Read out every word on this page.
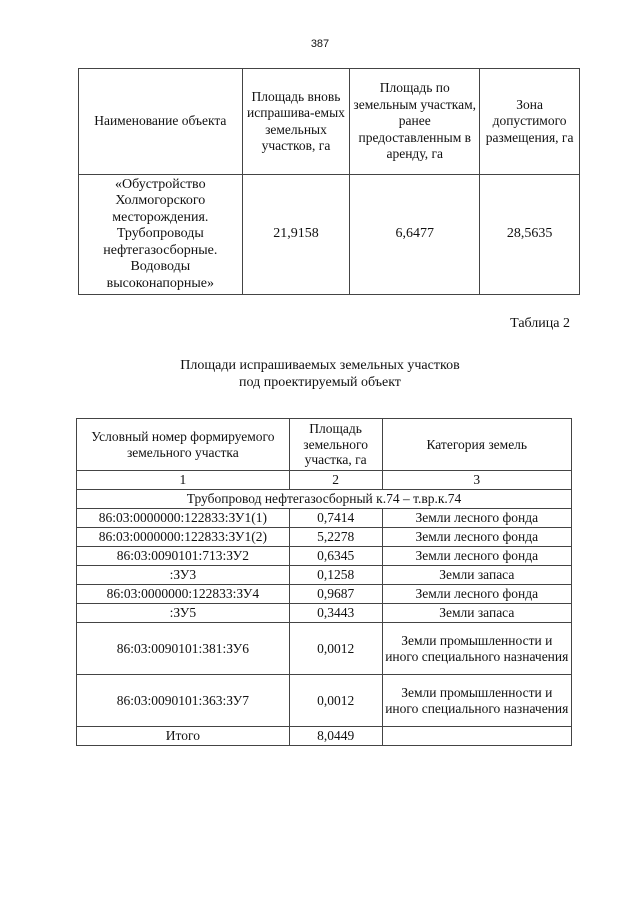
387
Наименование объекта	Площадь вновь испрашива-емых земельных участков, га	Площадь по земельным участкам, ранее предоставленным в аренду, га	Зона допустимого размещения, га
«Обустройство Холмогорского месторождения. Трубопроводы нефтегазосборные. Водоводы высоконапорные»	21,9158	6,6477	28,5635
Таблица 2
Площади испрашиваемых земельных участков
под проектируемый объект
Условный номер формируемого земельного участка	Площадь земельного участка, га	Категория земель
1	2	3
Трубопровод нефтегазосборный к.74 – т.вр.к.74		
86:03:0000000:122833:ЗУ1(1)	0,7414	Земли лесного фонда
86:03:0000000:122833:ЗУ1(2)	5,2278	Земли лесного фонда
86:03:0090101:713:ЗУ2	0,6345	Земли лесного фонда
:ЗУ3	0,1258	Земли запаса
86:03:0000000:122833:ЗУ4	0,9687	Земли лесного фонда
:ЗУ5	0,3443	Земли запаса
86:03:0090101:381:ЗУ6	0,0012	Земли промышленности и иного специального назначения
86:03:0090101:363:ЗУ7	0,0012	Земли промышленности и иного специального назначения
Итого	8,0449	
